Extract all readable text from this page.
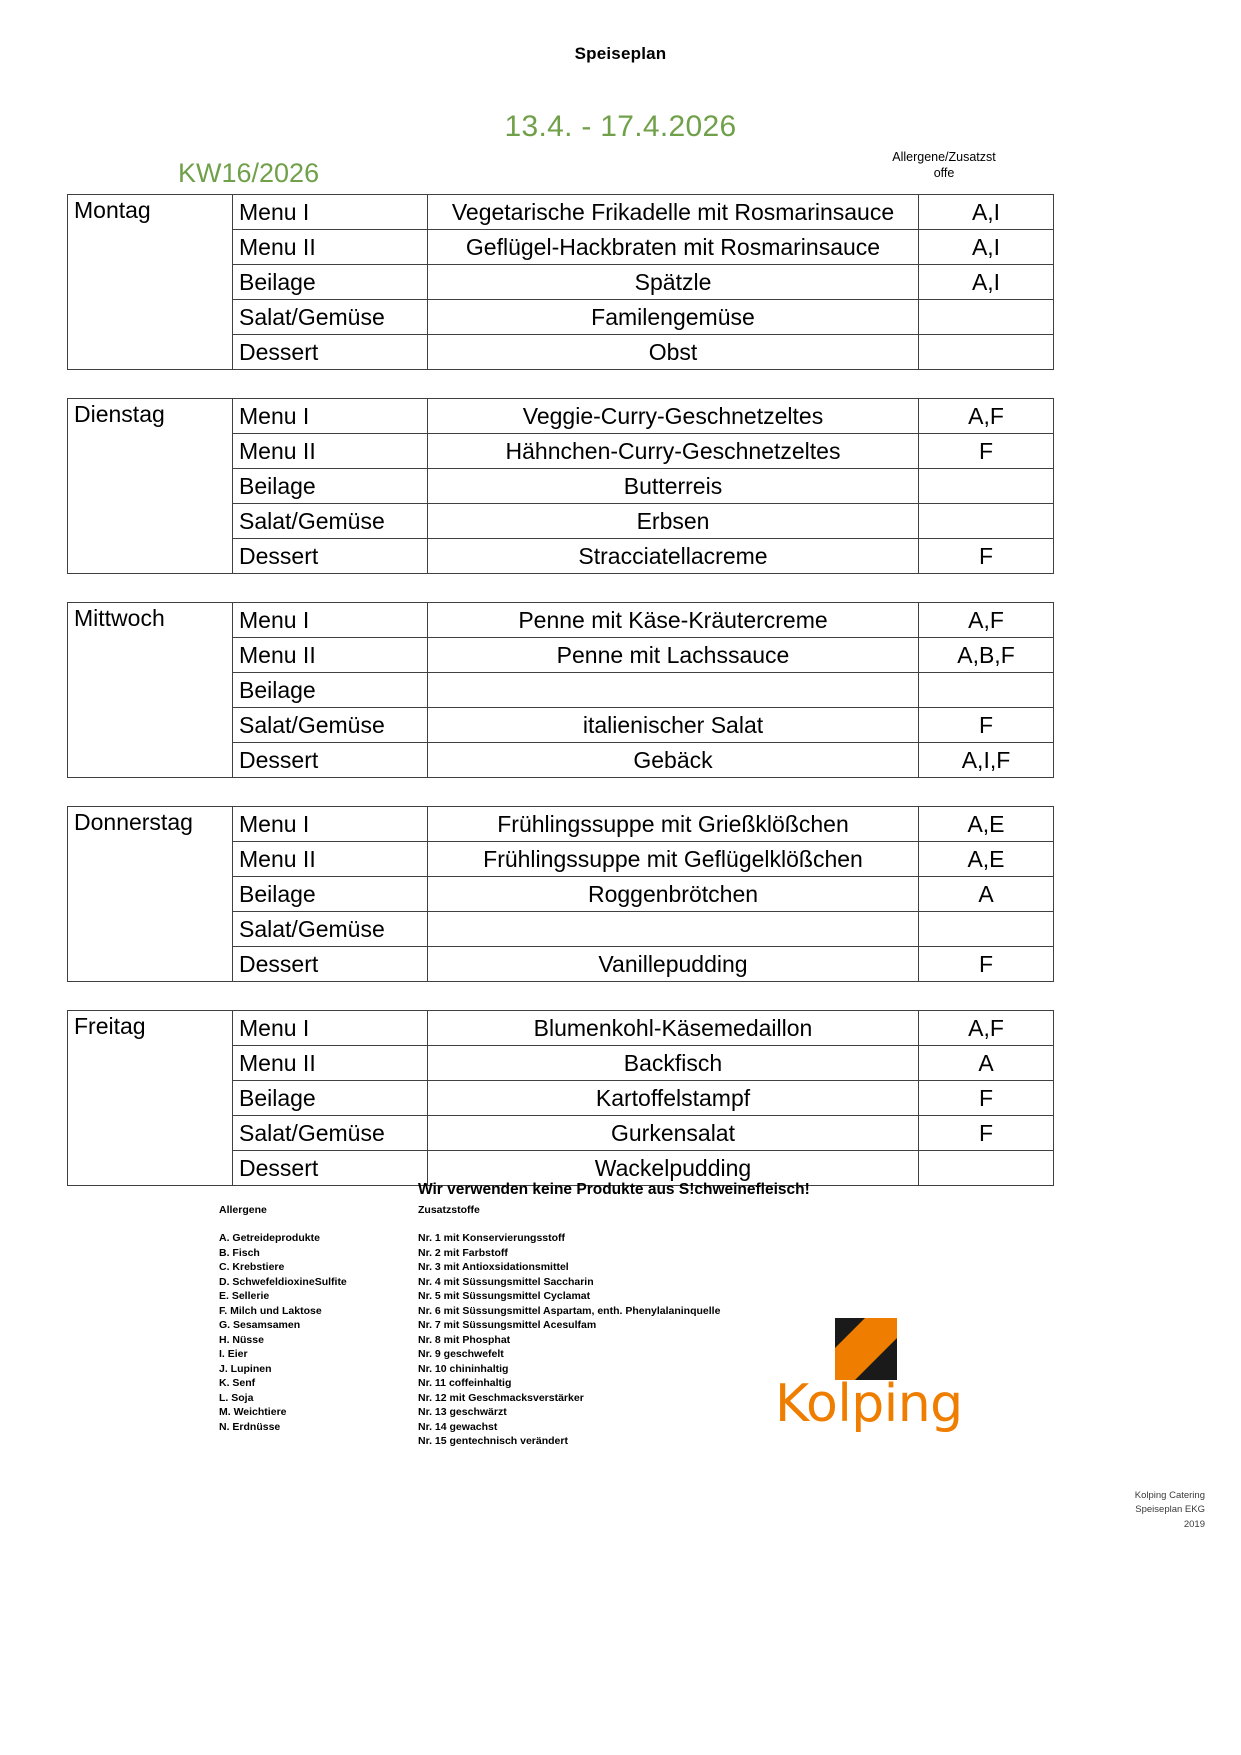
Speiseplan
13.4. - 17.4.2026
KW16/2026
Allergene/Zusatzst
offe
Montag	Menu I	Vegetarische Frikadelle mit Rosmarinsauce	A,I
	Menu II	Geflügel-Hackbraten mit Rosmarinsauce	A,I
	Beilage	Spätzle	A,I
	Salat/Gemüse	Familengemüse	
	Dessert	Obst	
Dienstag	Menu I	Veggie-Curry-Geschnetzeltes	A,F
	Menu II	Hähnchen-Curry-Geschnetzeltes	F
	Beilage	Butterreis	
	Salat/Gemüse	Erbsen	
	Dessert	Stracciatellacreme	F
Mittwoch	Menu I	Penne mit Käse-Kräutercreme	A,F
	Menu II	Penne mit Lachssauce	A,B,F
	Beilage		
	Salat/Gemüse	italienischer Salat	F
	Dessert	Gebäck	A,I,F
Donnerstag	Menu I	Frühlingssuppe mit Grießklößchen	A,E
	Menu II	Frühlingssuppe mit Geflügelklößchen	A,E
	Beilage	Roggenbrötchen	A
	Salat/Gemüse		
	Dessert	Vanillepudding	F
Freitag	Menu I	Blumenkohl-Käsemedaillon	A,F
	Menu II	Backfisch	A
	Beilage	Kartoffelstampf	F
	Salat/Gemüse	Gurkensalat	F
	Dessert	Wackelpudding	
Wir verwenden keine Produkte aus S!chweinefleisch!
Allergene
A. Getreideprodukte
B. Fisch
C. Krebstiere
D. SchwefeldioxineSulfite
E. Sellerie
F. Milch und Laktose
G. Sesamsamen
H. Nüsse
I. Eier
J. Lupinen
K. Senf
L. Soja
M. Weichtiere
N. Erdnüsse
Zusatzstoffe
Nr. 1 mit Konservierungsstoff
Nr. 2 mit Farbstoff
Nr. 3 mit Antioxsidationsmittel
Nr. 4 mit Süssungsmittel Saccharin
Nr. 5 mit Süssungsmittel Cyclamat
Nr. 6 mit Süssungsmittel Aspartam, enth. Phenylalaninquelle
Nr. 7 mit Süssungsmittel Acesulfam
Nr. 8 mit Phosphat
Nr. 9 geschwefelt
Nr. 10 chininhaltig
Nr. 11 coffeinhaltig
Nr. 12 mit Geschmacksverstärker
Nr. 13 geschwärzt
Nr. 14 gewachst
Nr. 15 gentechnisch verändert
Kolping
Kolping Catering
Speiseplan EKG
2019
